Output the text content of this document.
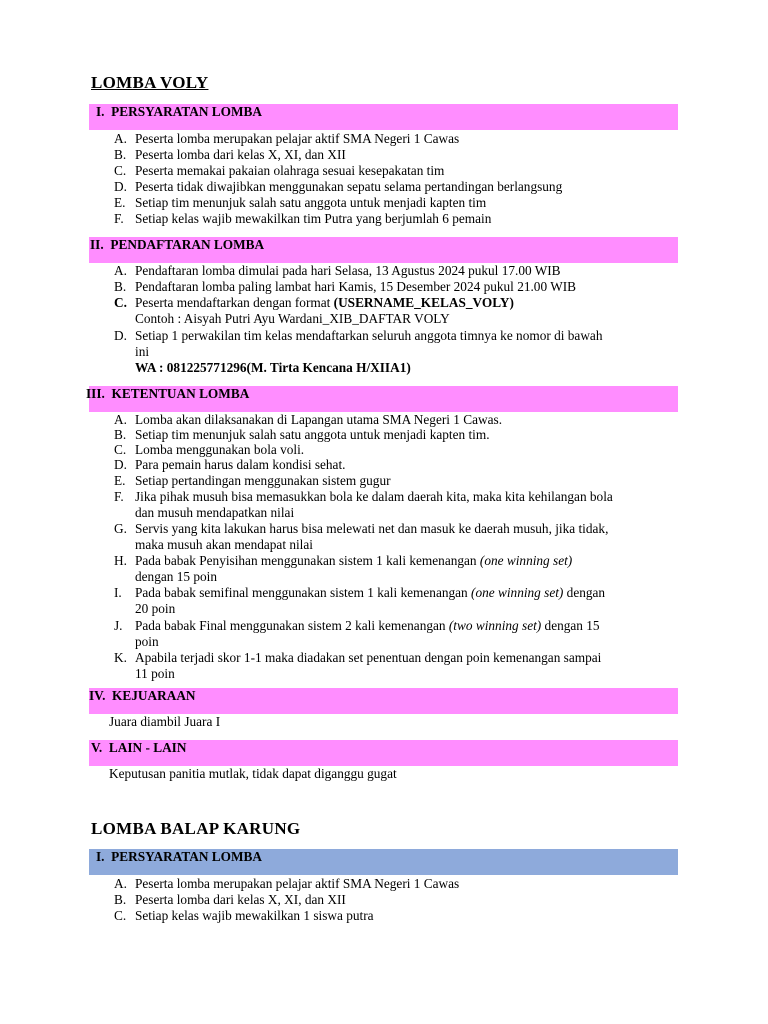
LOMBA VOLY
I. PERSYARATAN LOMBA
A. Peserta lomba merupakan pelajar aktif SMA Negeri 1 Cawas
B. Peserta lomba dari kelas X, XI, dan XII
C. Peserta memakai pakaian olahraga sesuai kesepakatan tim
D. Peserta tidak diwajibkan menggunakan sepatu selama pertandingan berlangsung
E. Setiap tim menunjuk salah satu anggota untuk menjadi kapten tim
F. Setiap kelas wajib mewakilkan tim Putra yang berjumlah 6 pemain
II. PENDAFTARAN LOMBA
A. Pendaftaran lomba dimulai pada hari Selasa, 13 Agustus 2024 pukul 17.00 WIB
B. Pendaftaran lomba paling lambat hari Kamis, 15 Desember 2024 pukul 21.00 WIB
C. Peserta mendaftarkan dengan format (USERNAME_KELAS_VOLY)
Contoh : Aisyah Putri Ayu Wardani_XIB_DAFTAR VOLY
D. Setiap 1 perwakilan tim kelas mendaftarkan seluruh anggota timnya ke nomor di bawah
ini
WA : 081225771296(M. Tirta Kencana H/XIIA1)
III. KETENTUAN LOMBA
A. Lomba akan dilaksanakan di Lapangan utama SMA Negeri 1 Cawas.
B. Setiap tim menunjuk salah satu anggota untuk menjadi kapten tim.
C. Lomba menggunakan bola voli.
D. Para pemain harus dalam kondisi sehat.
E. Setiap pertandingan menggunakan sistem gugur
F. Jika pihak musuh bisa memasukkan bola ke dalam daerah kita, maka kita kehilangan bola
dan musuh mendapatkan nilai
G. Servis yang kita lakukan harus bisa melewati net dan masuk ke daerah musuh, jika tidak,
maka musuh akan mendapat nilai
H. Pada babak Penyisihan menggunakan sistem 1 kali kemenangan (one winning set)
dengan 15 poin
I. Pada babak semifinal menggunakan sistem 1 kali kemenangan (one winning set) dengan
20 poin
J. Pada babak Final menggunakan sistem 2 kali kemenangan (two winning set) dengan 15
poin
K. Apabila terjadi skor 1-1 maka diadakan set penentuan dengan poin kemenangan sampai
11 poin
IV. KEJUARAAN
Juara diambil Juara I
V. LAIN - LAIN
Keputusan panitia mutlak, tidak dapat diganggu gugat
LOMBA BALAP KARUNG
I. PERSYARATAN LOMBA
A. Peserta lomba merupakan pelajar aktif SMA Negeri 1 Cawas
B. Peserta lomba dari kelas X, XI, dan XII
C. Setiap kelas wajib mewakilkan 1 siswa putra
